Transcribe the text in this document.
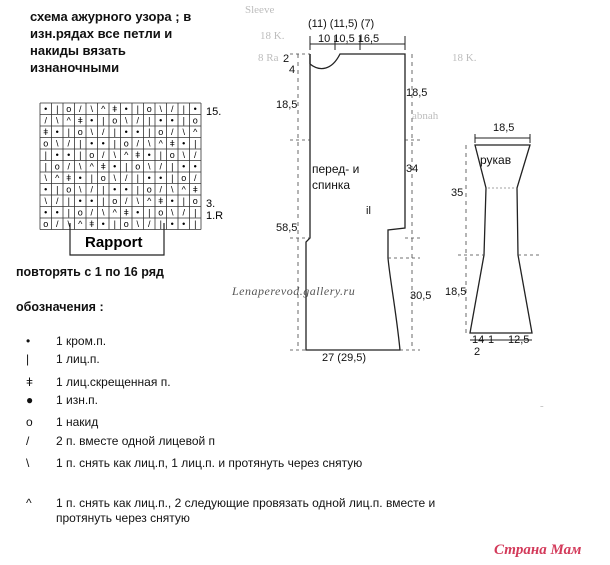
Sleeve
18 K.
8 Ra	18 K.
abnah
-
схема ажурного узора ; в
изн.рядах все петли и
накиды вязать
изнаночными
• | o / \ ^ ǂ • | o \ / | •
/ \ ^ ǂ • | o \ / | • • | o
ǂ • | o \ / | • • | o / \ ^
o \ / | • • | o / \ ^ ǂ • |
| • • | o / \ ^ ǂ • | o \ /
| o / \ ^ ǂ • | o \ / | • •
\ ^ ǂ • | o \ / | • • | o /
• | o \ / | • • | o / \ ^ ǂ
\ / | • • | o / \ ^ ǂ • | o
• • | o / \ ^ ǂ • | o \ / |
o / \ ^ ǂ • | o \ / | • • |
15.
3.
1.R
Rapport
повторять с 1 по 16 ряд
обозначения :
•	1 кром.п.
|	1 лиц.п.
ǂ	1 лиц.скрещенная п.
●	1 изн.п.
o	1 накид
/	2 п. вместе одной лицевой п
\	1 п. снять как лиц.п, 1 лиц.п. и протянуть через снятую
^	1 п. снять как лиц.п., 2 следующие провязать одной лиц.п. вместе и
протянуть через снятую
(11) (11,5) (7)
10 10,5 16,5
2
4
18,5
18,5
34
58,5
30,5
27 (29,5)
перед- и
спинка
il
18,5
рукав
35
18,5
14 1 12,5
2
Lenaperevod.gallery.ru
Страна Мам
